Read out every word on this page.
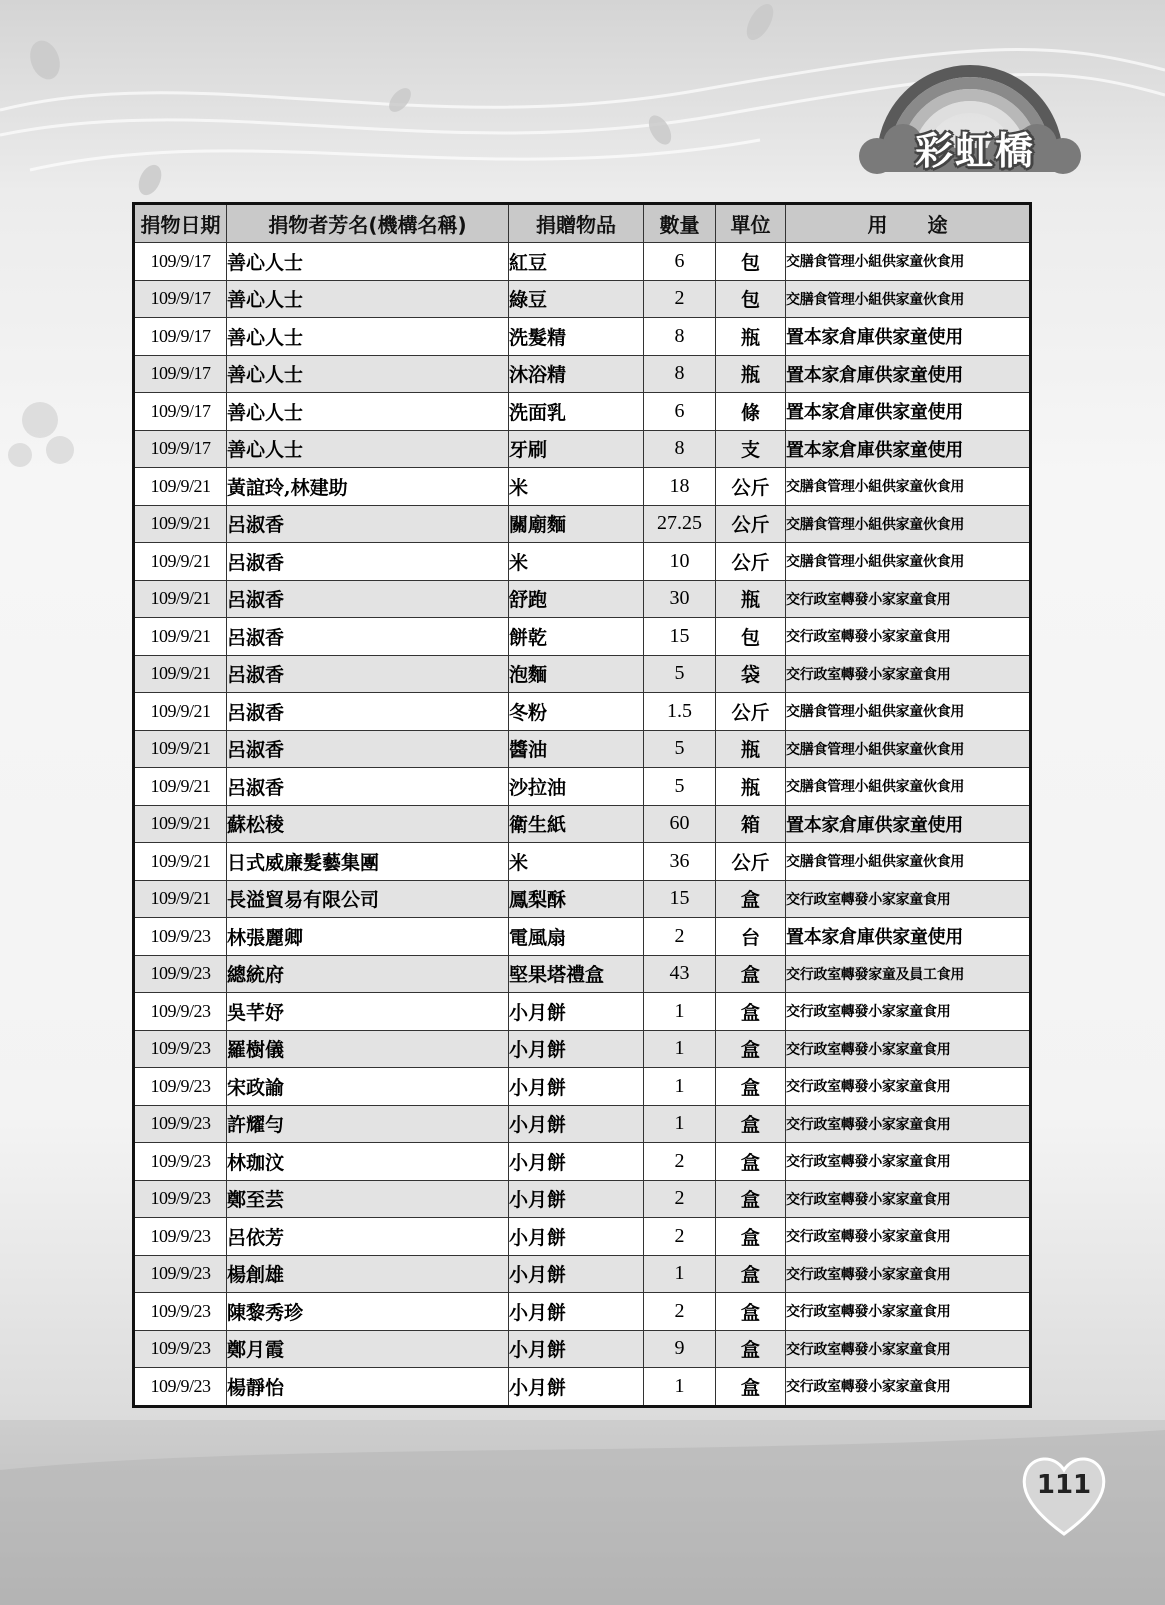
彩虹橋
捐物日期	捐物者芳名(機構名稱)	捐贈物品	數量	單位	用　　途
109/9/17	善心人士	紅豆	6	包	交膳食管理小組供家童伙食用
109/9/17	善心人士	綠豆	2	包	交膳食管理小組供家童伙食用
109/9/17	善心人士	洗髮精	8	瓶	置本家倉庫供家童使用
109/9/17	善心人士	沐浴精	8	瓶	置本家倉庫供家童使用
109/9/17	善心人士	洗面乳	6	條	置本家倉庫供家童使用
109/9/17	善心人士	牙刷	8	支	置本家倉庫供家童使用
109/9/21	黃誼玲,林建助	米	18	公斤	交膳食管理小組供家童伙食用
109/9/21	呂淑香	關廟麵	27.25	公斤	交膳食管理小組供家童伙食用
109/9/21	呂淑香	米	10	公斤	交膳食管理小組供家童伙食用
109/9/21	呂淑香	舒跑	30	瓶	交行政室轉發小家家童食用
109/9/21	呂淑香	餅乾	15	包	交行政室轉發小家家童食用
109/9/21	呂淑香	泡麵	5	袋	交行政室轉發小家家童食用
109/9/21	呂淑香	冬粉	1.5	公斤	交膳食管理小組供家童伙食用
109/9/21	呂淑香	醬油	5	瓶	交膳食管理小組供家童伙食用
109/9/21	呂淑香	沙拉油	5	瓶	交膳食管理小組供家童伙食用
109/9/21	蘇松稜	衛生紙	60	箱	置本家倉庫供家童使用
109/9/21	日式威廉髮藝集團	米	36	公斤	交膳食管理小組供家童伙食用
109/9/21	長溢貿易有限公司	鳳梨酥	15	盒	交行政室轉發小家家童食用
109/9/23	林張麗卿	電風扇	2	台	置本家倉庫供家童使用
109/9/23	總統府	堅果塔禮盒	43	盒	交行政室轉發家童及員工食用
109/9/23	吳芊妤	小月餅	1	盒	交行政室轉發小家家童食用
109/9/23	羅樹儀	小月餅	1	盒	交行政室轉發小家家童食用
109/9/23	宋政諭	小月餅	1	盒	交行政室轉發小家家童食用
109/9/23	許耀勻	小月餅	1	盒	交行政室轉發小家家童食用
109/9/23	林珈汶	小月餅	2	盒	交行政室轉發小家家童食用
109/9/23	鄭至芸	小月餅	2	盒	交行政室轉發小家家童食用
109/9/23	呂依芳	小月餅	2	盒	交行政室轉發小家家童食用
109/9/23	楊創雄	小月餅	1	盒	交行政室轉發小家家童食用
109/9/23	陳黎秀珍	小月餅	2	盒	交行政室轉發小家家童食用
109/9/23	鄭月霞	小月餅	9	盒	交行政室轉發小家家童食用
109/9/23	楊靜怡	小月餅	1	盒	交行政室轉發小家家童食用
111
